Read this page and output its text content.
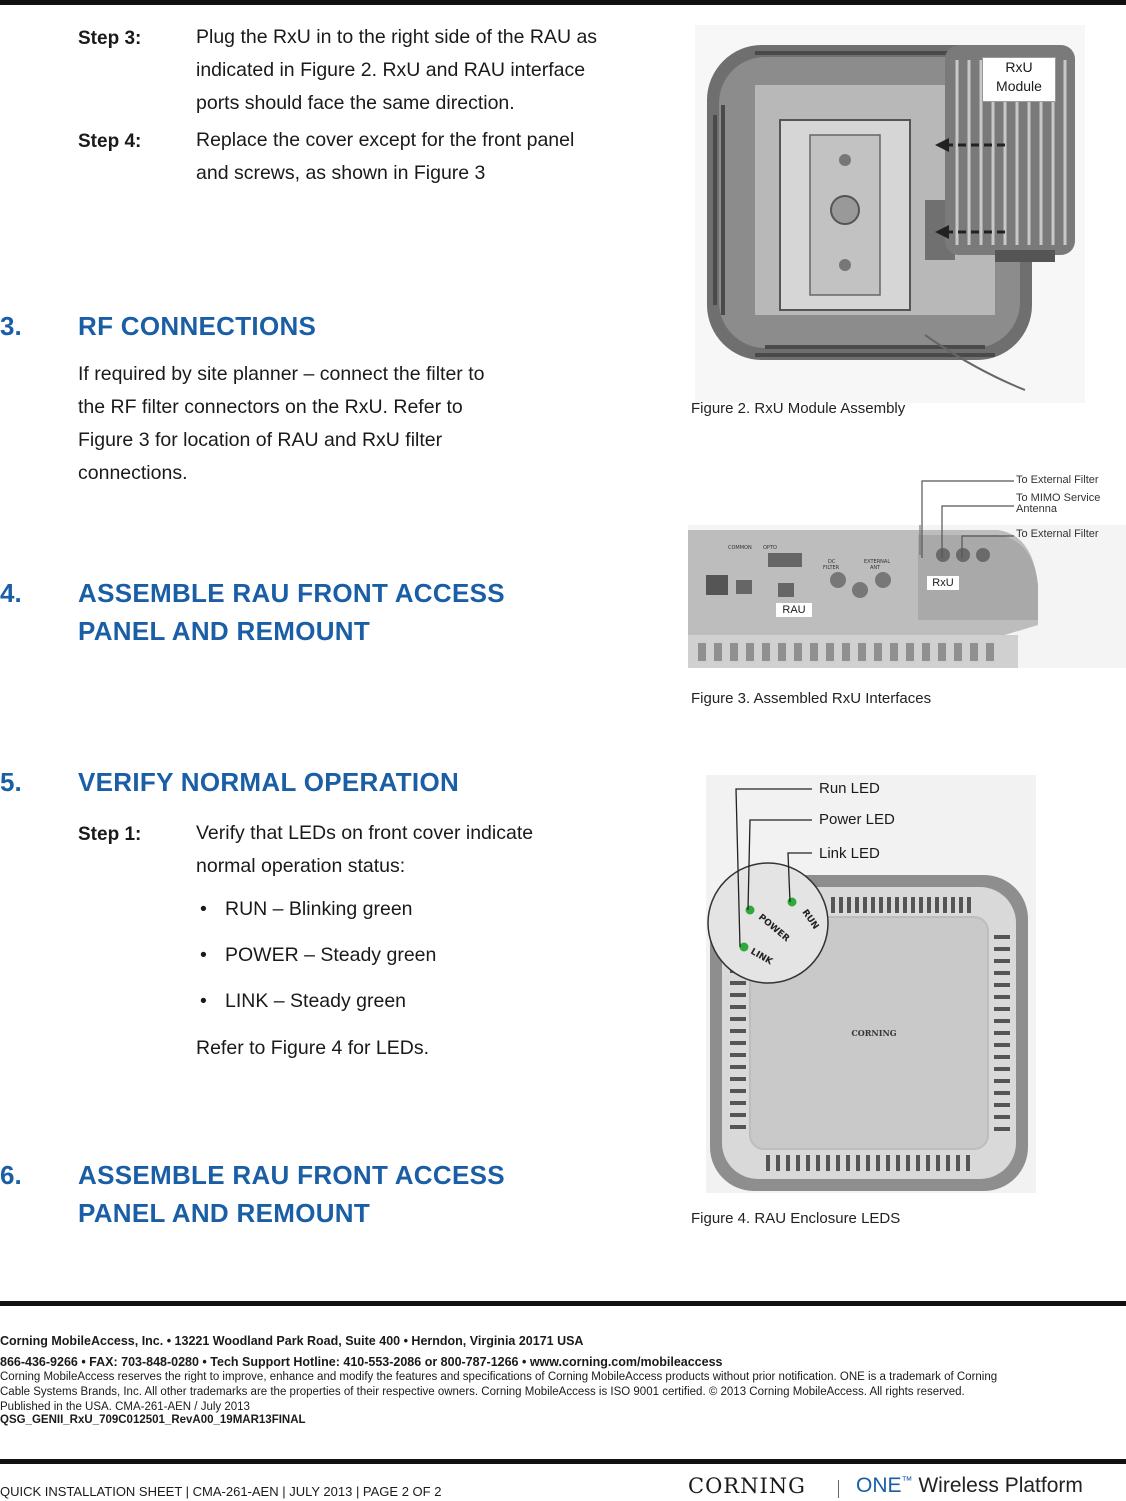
Step 3:	Plug the RxU in to the right side of the RAU as
indicated in Figure 2. RxU and RAU interface
ports should face the same direction.
Step 4:	Replace the cover except for the front panel
and screws, as shown in Figure 3
3. RF CONNECTIONS
If required by site planner – connect the filter to
the RF filter connectors on the RxU. Refer to
Figure 3 for location of RAU and RxU filter
connections.
4. ASSEMBLE RAU FRONT ACCESS
PANEL AND REMOUNT
5. VERIFY NORMAL OPERATION
Step 1:	Verify that LEDs on front cover indicate
normal operation status:
• RUN – Blinking green
• POWER – Steady green
• LINK – Steady green
Refer to Figure 4 for LEDs.
6. ASSEMBLE RAU FRONT ACCESS
PANEL AND REMOUNT
RxU
Module
Figure 2. RxU Module Assembly
COMMON OPTO
DC
FILTER
EXTERNAL
ANT
To External Filter
To MIMO Service
Antenna
To External Filter
RxU
RAU
Figure 3. Assembled RxU Interfaces
CORNING
RUN
POWER
LINK
Run LED
Power LED
Link LED
Figure 4. RAU Enclosure LEDS
Corning MobileAccess, Inc. • 13221 Woodland Park Road, Suite 400 • Herndon, Virginia 20171 USA
866-436-9266 • FAX: 703-848-0280 • Tech Support Hotline: 410-553-2086 or 800-787-1266 • www.corning.com/mobileaccess
Corning MobileAccess reserves the right to improve, enhance and modify the features and specifications of Corning MobileAccess products without prior notification. ONE is a trademark of Corning
Cable Systems Brands, Inc. All other trademarks are the properties of their respective owners. Corning MobileAccess is ISO 9001 certified. © 2013 Corning MobileAccess. All rights reserved.
Published in the USA. CMA-261-AEN / July 2013
QSG_GENII_RxU_709C012501_RevA00_19MAR13FINAL
QUICK INSTALLATION SHEET | CMA-261-AEN | JULY 2013 | PAGE 2 OF 2	CORNING ONE™ Wireless Platform
